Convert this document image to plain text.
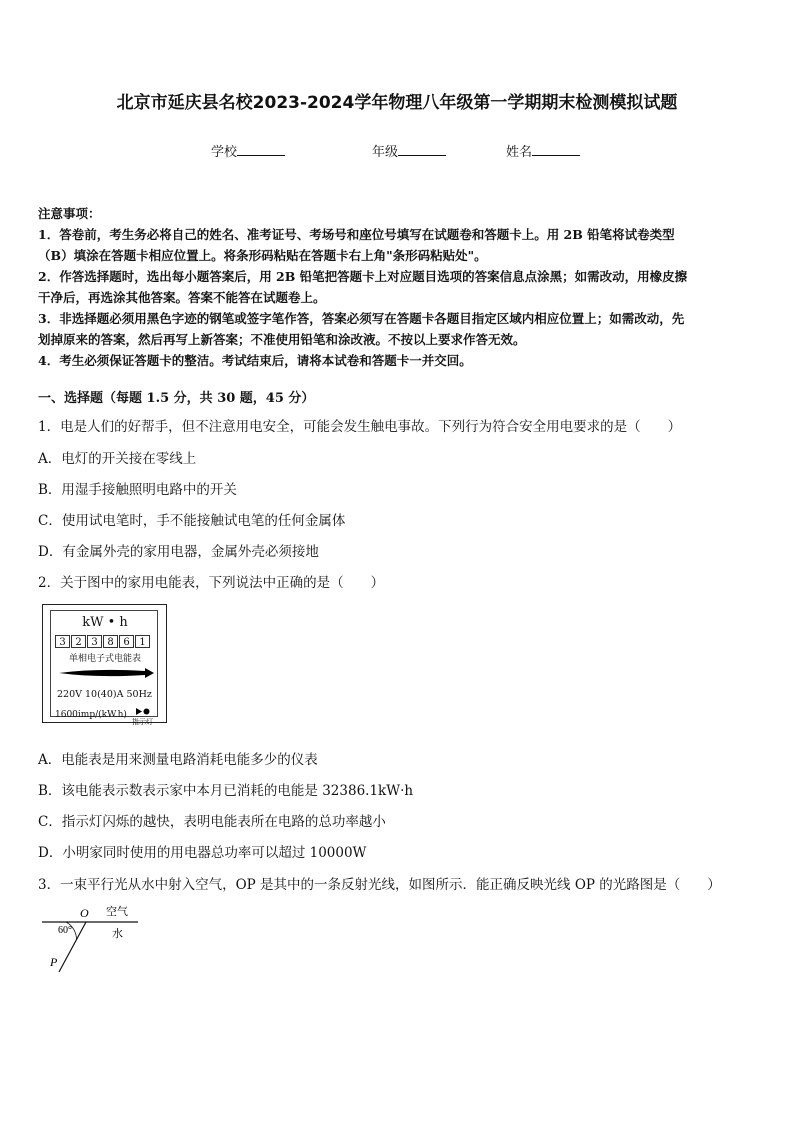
北京市延庆县名校2023-2024学年物理八年级第一学期期末检测模拟试题
学校	年级	姓名

注意事项：

1．答卷前，考生务必将自己的姓名、准考证号、考场号和座位号填写在试题卷和答题卡上。用 2B 铅笔将试卷类型

（B）填涂在答题卡相应位置上。将条形码粘贴在答题卡右上角"条形码粘贴处"。

2．作答选择题时，选出每小题答案后，用 2B 铅笔把答题卡上对应题目选项的答案信息点涂黑；如需改动，用橡皮擦

干净后，再选涂其他答案。答案不能答在试题卷上。

3．非选择题必须用黑色字迹的钢笔或签字笔作答，答案必须写在答题卡各题目指定区域内相应位置上；如需改动，先

划掉原来的答案，然后再写上新答案；不准使用铅笔和涂改液。不按以上要求作答无效。

4．考生必须保证答题卡的整洁。考试结束后，请将本试卷和答题卡一并交回。

一、选择题（每题 1.5 分，共 30 题，45 分）
1．电是人们的好帮手，但不注意用电安全，可能会发生触电事故。下列行为符合安全用电要求的是（　　）
A．电灯的开关接在零线上
B．用湿手接触照明电路中的开关
C．使用试电笔时，手不能接触试电笔的任何金属体
D．有金属外壳的家用电器，金属外壳必须接地
2．关于图中的家用电能表，下列说法中正确的是（　　）
kW • h
3 2 3 8 6 1
单相电子式电能表
220V 10(40)A 50Hz
1600imp/(kW.h)
指示灯
A．电能表是用来测量电路消耗电能多少的仪表
B．该电能表示数表示家中本月已消耗的电能是 32386.1kW·h
C．指示灯闪烁的越快，表明电能表所在电路的总功率越小
D．小明家同时使用的用电器总功率可以超过 10000W
3．一束平行光从水中射入空气，OP 是其中的一条反射光线，如图所示．能正确反映光线 OP 的光路图是（　　）
O 空气
水
60°
P
